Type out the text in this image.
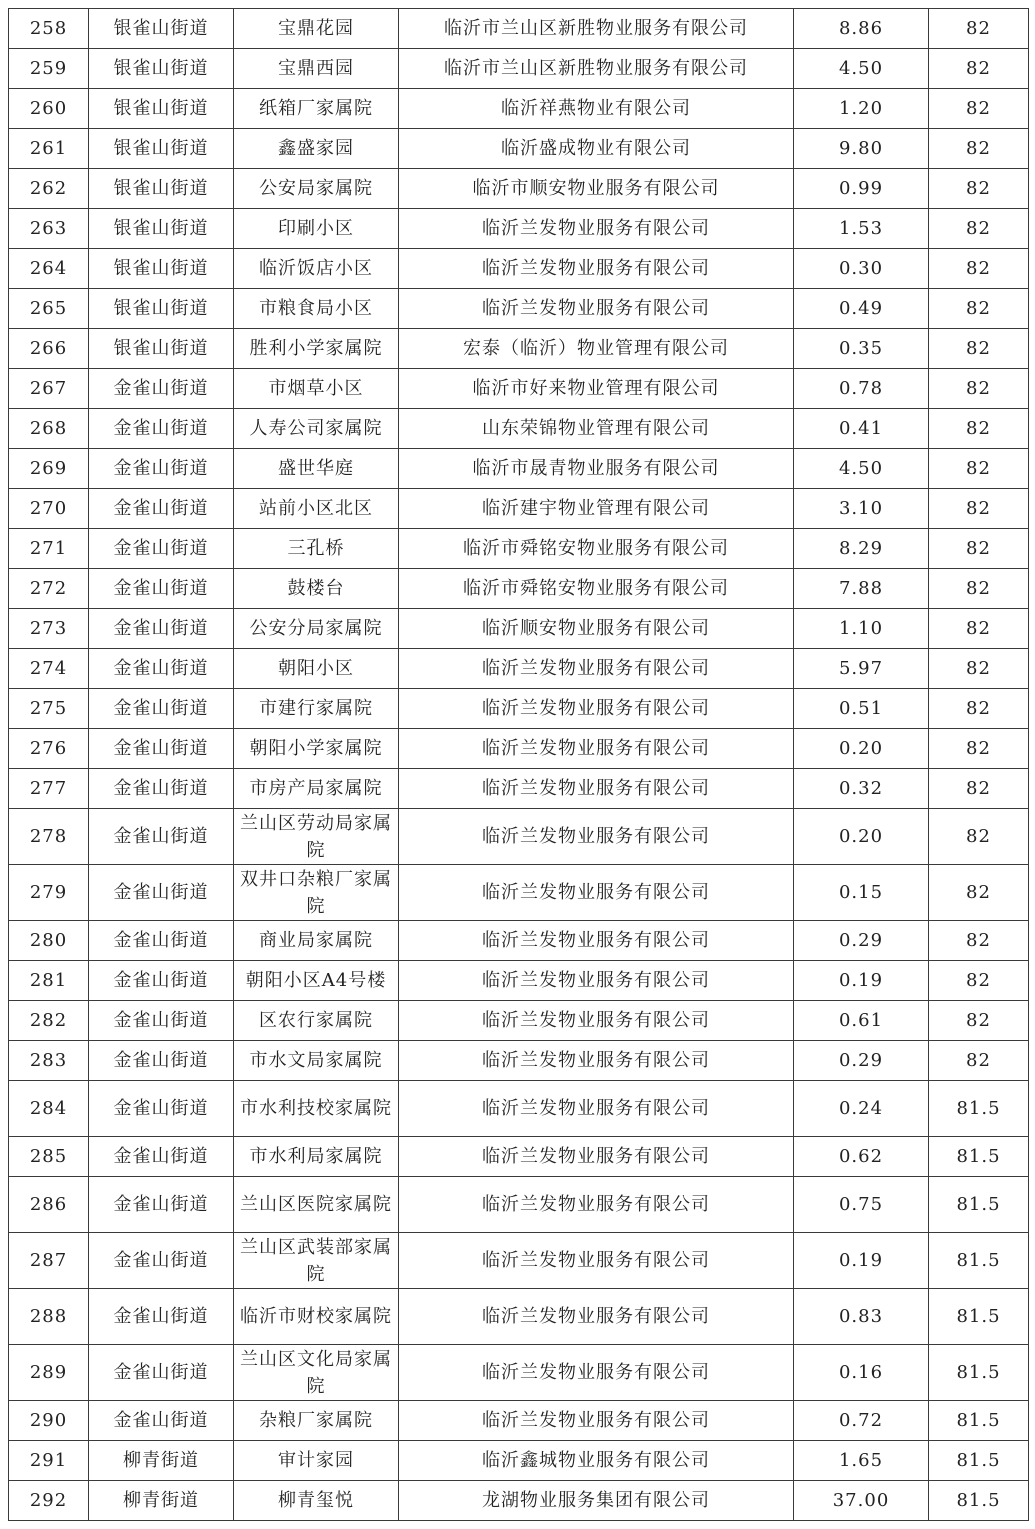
258	银雀山街道	宝鼎花园	临沂市兰山区新胜物业服务有限公司	8.86	82
259	银雀山街道	宝鼎西园	临沂市兰山区新胜物业服务有限公司	4.50	82
260	银雀山街道	纸箱厂家属院	临沂祥燕物业有限公司	1.20	82
261	银雀山街道	鑫盛家园	临沂盛成物业有限公司	9.80	82
262	银雀山街道	公安局家属院	临沂市顺安物业服务有限公司	0.99	82
263	银雀山街道	印刷小区	临沂兰发物业服务有限公司	1.53	82
264	银雀山街道	临沂饭店小区	临沂兰发物业服务有限公司	0.30	82
265	银雀山街道	市粮食局小区	临沂兰发物业服务有限公司	0.49	82
266	银雀山街道	胜利小学家属院	宏泰（临沂）物业管理有限公司	0.35	82
267	金雀山街道	市烟草小区	临沂市好来物业管理有限公司	0.78	82
268	金雀山街道	人寿公司家属院	山东荣锦物业管理有限公司	0.41	82
269	金雀山街道	盛世华庭	临沂市晟青物业服务有限公司	4.50	82
270	金雀山街道	站前小区北区	临沂建宇物业管理有限公司	3.10	82
271	金雀山街道	三孔桥	临沂市舜铭安物业服务有限公司	8.29	82
272	金雀山街道	鼓楼台	临沂市舜铭安物业服务有限公司	7.88	82
273	金雀山街道	公安分局家属院	临沂顺安物业服务有限公司	1.10	82
274	金雀山街道	朝阳小区	临沂兰发物业服务有限公司	5.97	82
275	金雀山街道	市建行家属院	临沂兰发物业服务有限公司	0.51	82
276	金雀山街道	朝阳小学家属院	临沂兰发物业服务有限公司	0.20	82
277	金雀山街道	市房产局家属院	临沂兰发物业服务有限公司	0.32	82
278	金雀山街道	兰山区劳动局家属院	临沂兰发物业服务有限公司	0.20	82
279	金雀山街道	双井口杂粮厂家属院	临沂兰发物业服务有限公司	0.15	82
280	金雀山街道	商业局家属院	临沂兰发物业服务有限公司	0.29	82
281	金雀山街道	朝阳小区A4号楼	临沂兰发物业服务有限公司	0.19	82
282	金雀山街道	区农行家属院	临沂兰发物业服务有限公司	0.61	82
283	金雀山街道	市水文局家属院	临沂兰发物业服务有限公司	0.29	82
284	金雀山街道	市水利技校家属院	临沂兰发物业服务有限公司	0.24	81.5
285	金雀山街道	市水利局家属院	临沂兰发物业服务有限公司	0.62	81.5
286	金雀山街道	兰山区医院家属院	临沂兰发物业服务有限公司	0.75	81.5
287	金雀山街道	兰山区武装部家属院	临沂兰发物业服务有限公司	0.19	81.5
288	金雀山街道	临沂市财校家属院	临沂兰发物业服务有限公司	0.83	81.5
289	金雀山街道	兰山区文化局家属院	临沂兰发物业服务有限公司	0.16	81.5
290	金雀山街道	杂粮厂家属院	临沂兰发物业服务有限公司	0.72	81.5
291	柳青街道	审计家园	临沂鑫城物业服务有限公司	1.65	81.5
292	柳青街道	柳青玺悦	龙湖物业服务集团有限公司	37.00	81.5
